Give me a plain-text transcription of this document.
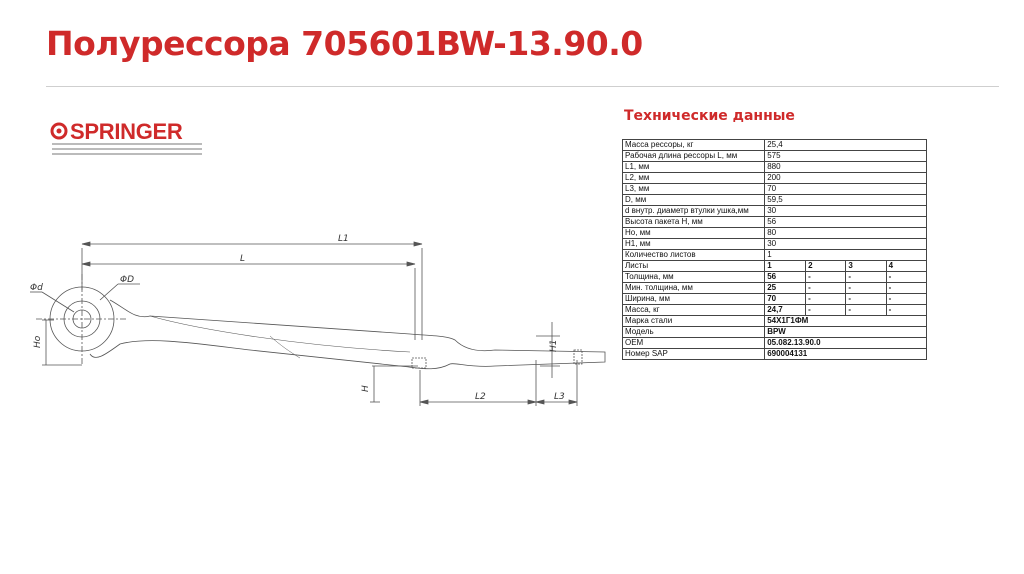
Полурессора 705601BW-13.90.0
SPRINGER
L1
L
ΦD
Φd
Ho
H
L2	L3
H1
Технические данные
Масса рессоры, кг	25,4			
Рабочая длина рессоры L, мм	575			
L1, мм	880			
L2, мм	200			
L3, мм	70			
D, мм	59,5			
d внутр. диаметр втулки ушка,мм	30			
Высота пакета H, мм	56			
Ho, мм	80			
H1, мм	30			
Количество листов	1			
Листы	1	2	3	4
Толщина, мм	56	-	-	-
Мин. толщина, мм	25	-	-	-
Ширина, мм	70	-	-	-
Масса, кг	24,7	-	-	-
Марка стали	54X1Г1ФМ			
Модель	BPW			
OEM	05.082.13.90.0			
Номер SAP	690004131			
